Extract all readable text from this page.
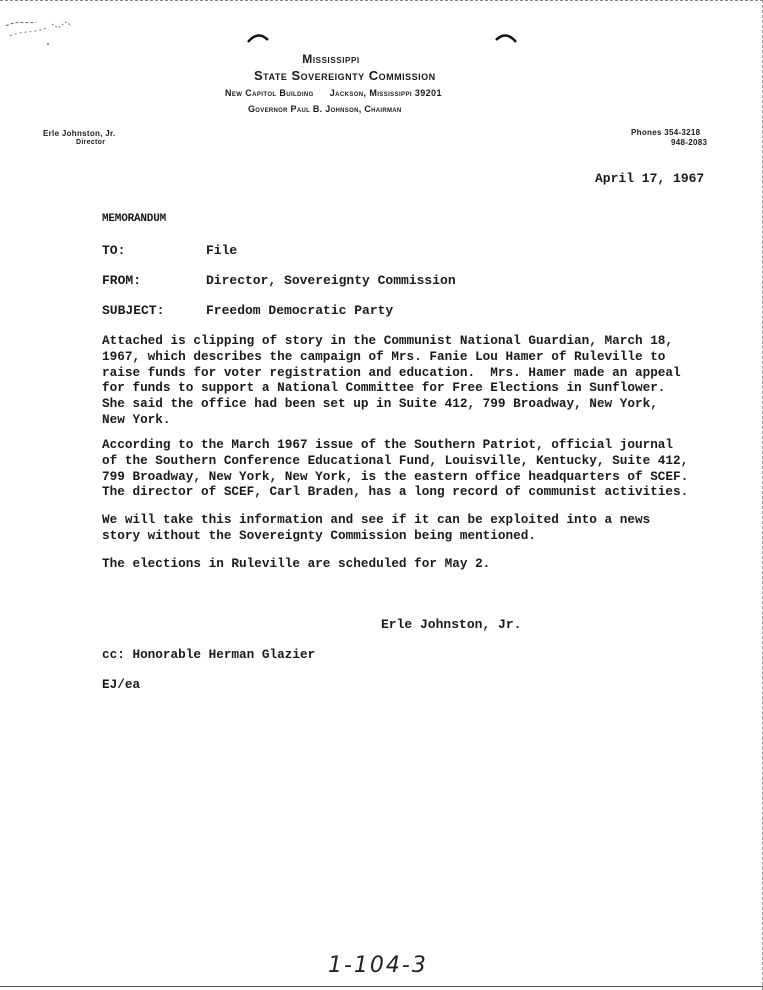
Mississippi
State Sovereignty Commission
New Capitol Building Jackson, Mississippi 39201
Governor Paul B. Johnson, Chairman
Erle Johnston, Jr.
Director
Phones 354-3218
948-2083
April 17, 1967
MEMORANDUM
TO:	File
FROM:	Director, Sovereignty Commission
SUBJECT:	Freedom Democratic Party

Attached is clipping of story in the Communist National Guardian, March 18,
1967, which describes the campaign of Mrs. Fanie Lou Hamer of Ruleville to
raise funds for voter registration and education.  Mrs. Hamer made an appeal
for funds to support a National Committee for Free Elections in Sunflower.
She said the office had been set up in Suite 412, 799 Broadway, New York,
New York.

According to the March 1967 issue of the Southern Patriot, official journal
of the Southern Conference Educational Fund, Louisville, Kentucky, Suite 412,
799 Broadway, New York, New York, is the eastern office headquarters of SCEF.
The director of SCEF, Carl Braden, has a long record of communist activities.

We will take this information and see if it can be exploited into a news
story without the Sovereignty Commission being mentioned.

The elections in Ruleville are scheduled for May 2.

Erle Johnston, Jr.
cc: Honorable Herman Glazier
EJ/ea
1-104-3
